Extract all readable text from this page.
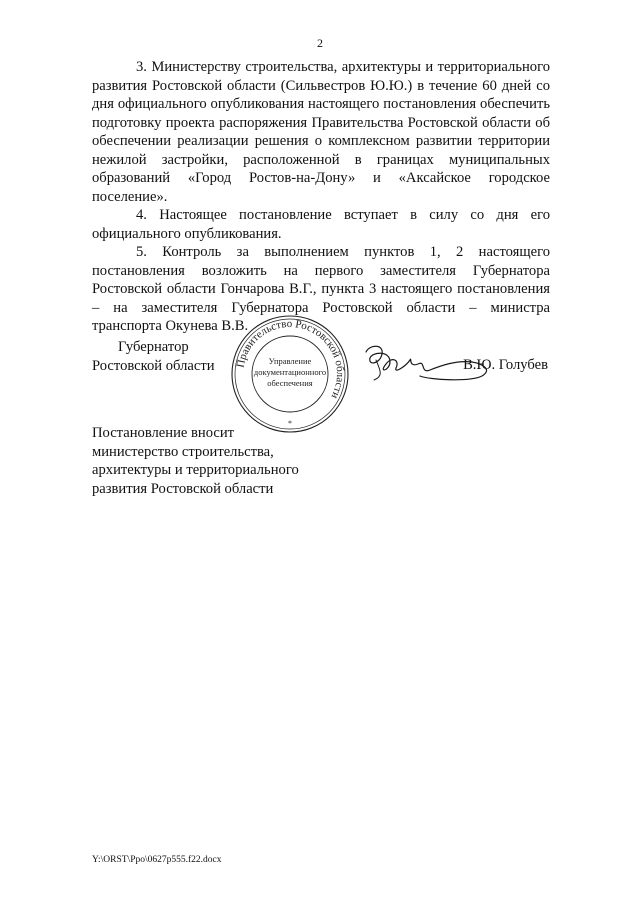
2

3. Министерству строительства, архитектуры и территориального развития Ростовской области (Сильвестров Ю.Ю.) в течение 60 дней со дня официального опубликования настоящего постановления обеспечить подготовку проекта распоряжения Правительства Ростовской области об обеспечении реализации решения о комплексном развитии территории нежилой застройки, расположенной в границах муниципальных образований «Город Ростов-на-Дону» и «Аксайское городское поселение».

4. Настоящее постановление вступает в силу со дня его официального опубликования.

5. Контроль за выполнением пунктов 1, 2 настоящего постановления возложить на первого заместителя Губернатора Ростовской области Гончарова В.Г., пункта 3 настоящего постановления – на заместителя Губернатора Ростовской области – министра транспорта Окунева В.В.

Губернатор
Ростовской области	Правительство Ростовской области
Управление
документационного
обеспечения
*
В.Ю. Голубев
Постановление вносит
министерство строительства,
архитектуры и территориального
развития Ростовской области
Y:\ORST\Ppo\0627p555.f22.docx
